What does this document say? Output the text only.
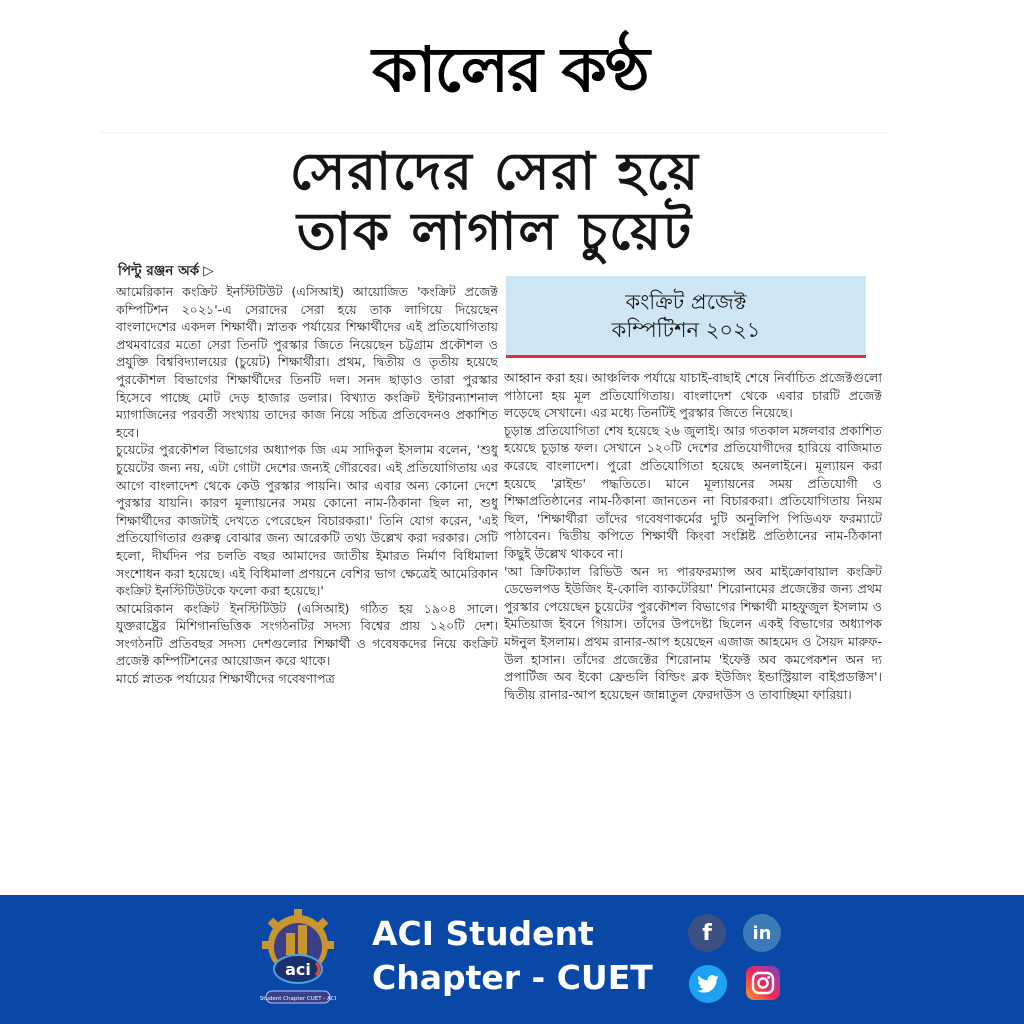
কালের কণ্ঠ
সেরাদের সেরা হয়ে
তাক লাগাল চুয়েট
পিন্টু রঞ্জন অর্ক ▷

আমেরিকান কংক্রিট ইনস্টিটিউট (এসিআই) আয়োজিত 'কংক্রিট প্রজেক্ট কম্পিটিশন ২০২১'-এ সেরাদের সেরা হয়ে তাক লাগিয়ে দিয়েছেন বাংলাদেশের একদল শিক্ষার্থী। স্নাতক পর্যায়ের শিক্ষার্থীদের এই প্রতিযোগিতায় প্রথমবারের মতো সেরা তিনটি পুরস্কার জিতে নিয়েছেন চট্টগ্রাম প্রকৌশল ও প্রযুক্তি বিশ্ববিদ্যালয়ের (চুয়েট) শিক্ষার্থীরা। প্রথম, দ্বিতীয় ও তৃতীয় হয়েছে পুরকৌশল বিভাগের শিক্ষার্থীদের তিনটি দল। সনদ ছাড়াও তারা পুরস্কার হিসেবে পাচ্ছে মোট দেড় হাজার ডলার। বিখ্যাত কংক্রিট ইন্টারন্যাশনাল ম্যাগাজিনের পরবর্তী সংখ্যায় তাদের কাজ নিয়ে সচিত্র প্রতিবেদনও প্রকাশিত হবে।

চুয়েটের পুরকৌশল বিভাগের অধ্যাপক জি এম সাদিকুল ইসলাম বলেন, 'শুধু চুয়েটের জন্য নয়, এটা গোটা দেশের জন্যই গৌরবের। এই প্রতিযোগিতায় এর আগে বাংলাদেশ থেকে কেউ পুরস্কার পায়নি। আর এবার অন্য কোনো দেশে পুরস্কার যায়নি। কারণ মূল্যায়নের সময় কোনো নাম-ঠিকানা ছিল না, শুধু শিক্ষার্থীদের কাজটাই দেখতে পেরেছেন বিচারকরা।' তিনি যোগ করেন, 'এই প্রতিযোগিতার গুরুত্ব বোঝার জন্য আরেকটি তথ্য উল্লেখ করা দরকার। সেটি হলো, দীর্ঘদিন পর চলতি বছর আমাদের জাতীয় ইমারত নির্মাণ বিধিমালা সংশোধন করা হয়েছে। এই বিধিমালা প্রণয়নে বেশির ভাগ ক্ষেত্রেই আমেরিকান কংক্রিট ইনস্টিটিউটকে ফলো করা হয়েছে।'

আমেরিকান কংক্রিট ইনস্টিটিউট (এসিআই) গঠিত হয় ১৯০৪ সালে। যুক্তরাষ্ট্রের মিশিগানভিত্তিক সংগঠনটির সদস্য বিশ্বের প্রায় ১২০টি দেশ। সংগঠনটি প্রতিবছর সদস্য দেশগুলোর শিক্ষার্থী ও গবেষকদের নিয়ে কংক্রিট প্রজেক্ট কম্পিটিশনের আয়োজন করে থাকে।

মার্চে স্নাতক পর্যায়ের শিক্ষার্থীদের গবেষণাপত্র

কংক্রিট প্রজেক্ট
কম্পিটিশন ২০২১

আহ্বান করা হয়। আঞ্চলিক পর্যায়ে যাচাই-বাছাই শেষে নির্বাচিত প্রজেক্টগুলো পাঠানো হয় মূল প্রতিযোগিতায়। বাংলাদেশ থেকে এবার চারটি প্রজেক্ট লড়েছে সেখানে। এর মধ্যে তিনটিই পুরস্কার জিতে নিয়েছে।

চূড়ান্ত প্রতিযোগিতা শেষ হয়েছে ২৬ জুলাই। আর গতকাল মঙ্গলবার প্রকাশিত হয়েছে চূড়ান্ত ফল। সেখানে ১২০টি দেশের প্রতিযোগীদের হারিয়ে বাজিমাত করেছে বাংলাদেশ। পুরো প্রতিযোগিতা হয়েছে অনলাইনে। মূল্যায়ন করা হয়েছে 'ব্লাইন্ড' পদ্ধতিতে। মানে মূল্যায়নের সময় প্রতিযোগী ও শিক্ষাপ্রতিষ্ঠানের নাম-ঠিকানা জানতেন না বিচারকরা। প্রতিযোগিতায় নিয়ম ছিল, 'শিক্ষার্থীরা তাঁদের গবেষণাকর্মের দুটি অনুলিপি পিডিএফ ফরম্যাটে পাঠাবেন। দ্বিতীয় কপিতে শিক্ষার্থী কিংবা সংশ্লিষ্ট প্রতিষ্ঠানের নাম-ঠিকানা কিছুই উল্লেখ থাকবে না।

'আ ক্রিটিক্যাল রিভিউ অন দ্য পারফরম্যান্স অব মাইক্রোবায়াল কংক্রিট ডেভেলপড ইউজিং ই-কোলি ব্যাকটেরিয়া' শিরোনামের প্রজেক্টের জন্য প্রথম পুরস্কার পেয়েছেন চুয়েটের পুরকৌশল বিভাগের শিক্ষার্থী মাহফুজুল ইসলাম ও ইমতিয়াজ ইবনে গিয়াস। তাঁদের উপদেষ্টা ছিলেন একই বিভাগের অধ্যাপক মঈনুল ইসলাম। প্রথম রানার-আপ হয়েছেন এজাজ আহমেদ ও সৈয়দ মারুফ-উল হাসান। তাঁদের প্রজেক্টের শিরোনাম 'ইফেক্ট অব কমপেকশন অন দ্য প্রপার্টিজ অব ইকো ফ্রেন্ডলি বিল্ডিং ব্লক ইউজিং ইন্ডাস্ট্রিয়াল বাইপ্রডাক্টস'। দ্বিতীয় রানার-আপ হয়েছেন জান্নাতুল ফেরদাউস ও তাবাচ্ছিমা ফারিয়া।

aci
Student Chapter CUET - ACI
ACI Student
Chapter - CUET
f in
